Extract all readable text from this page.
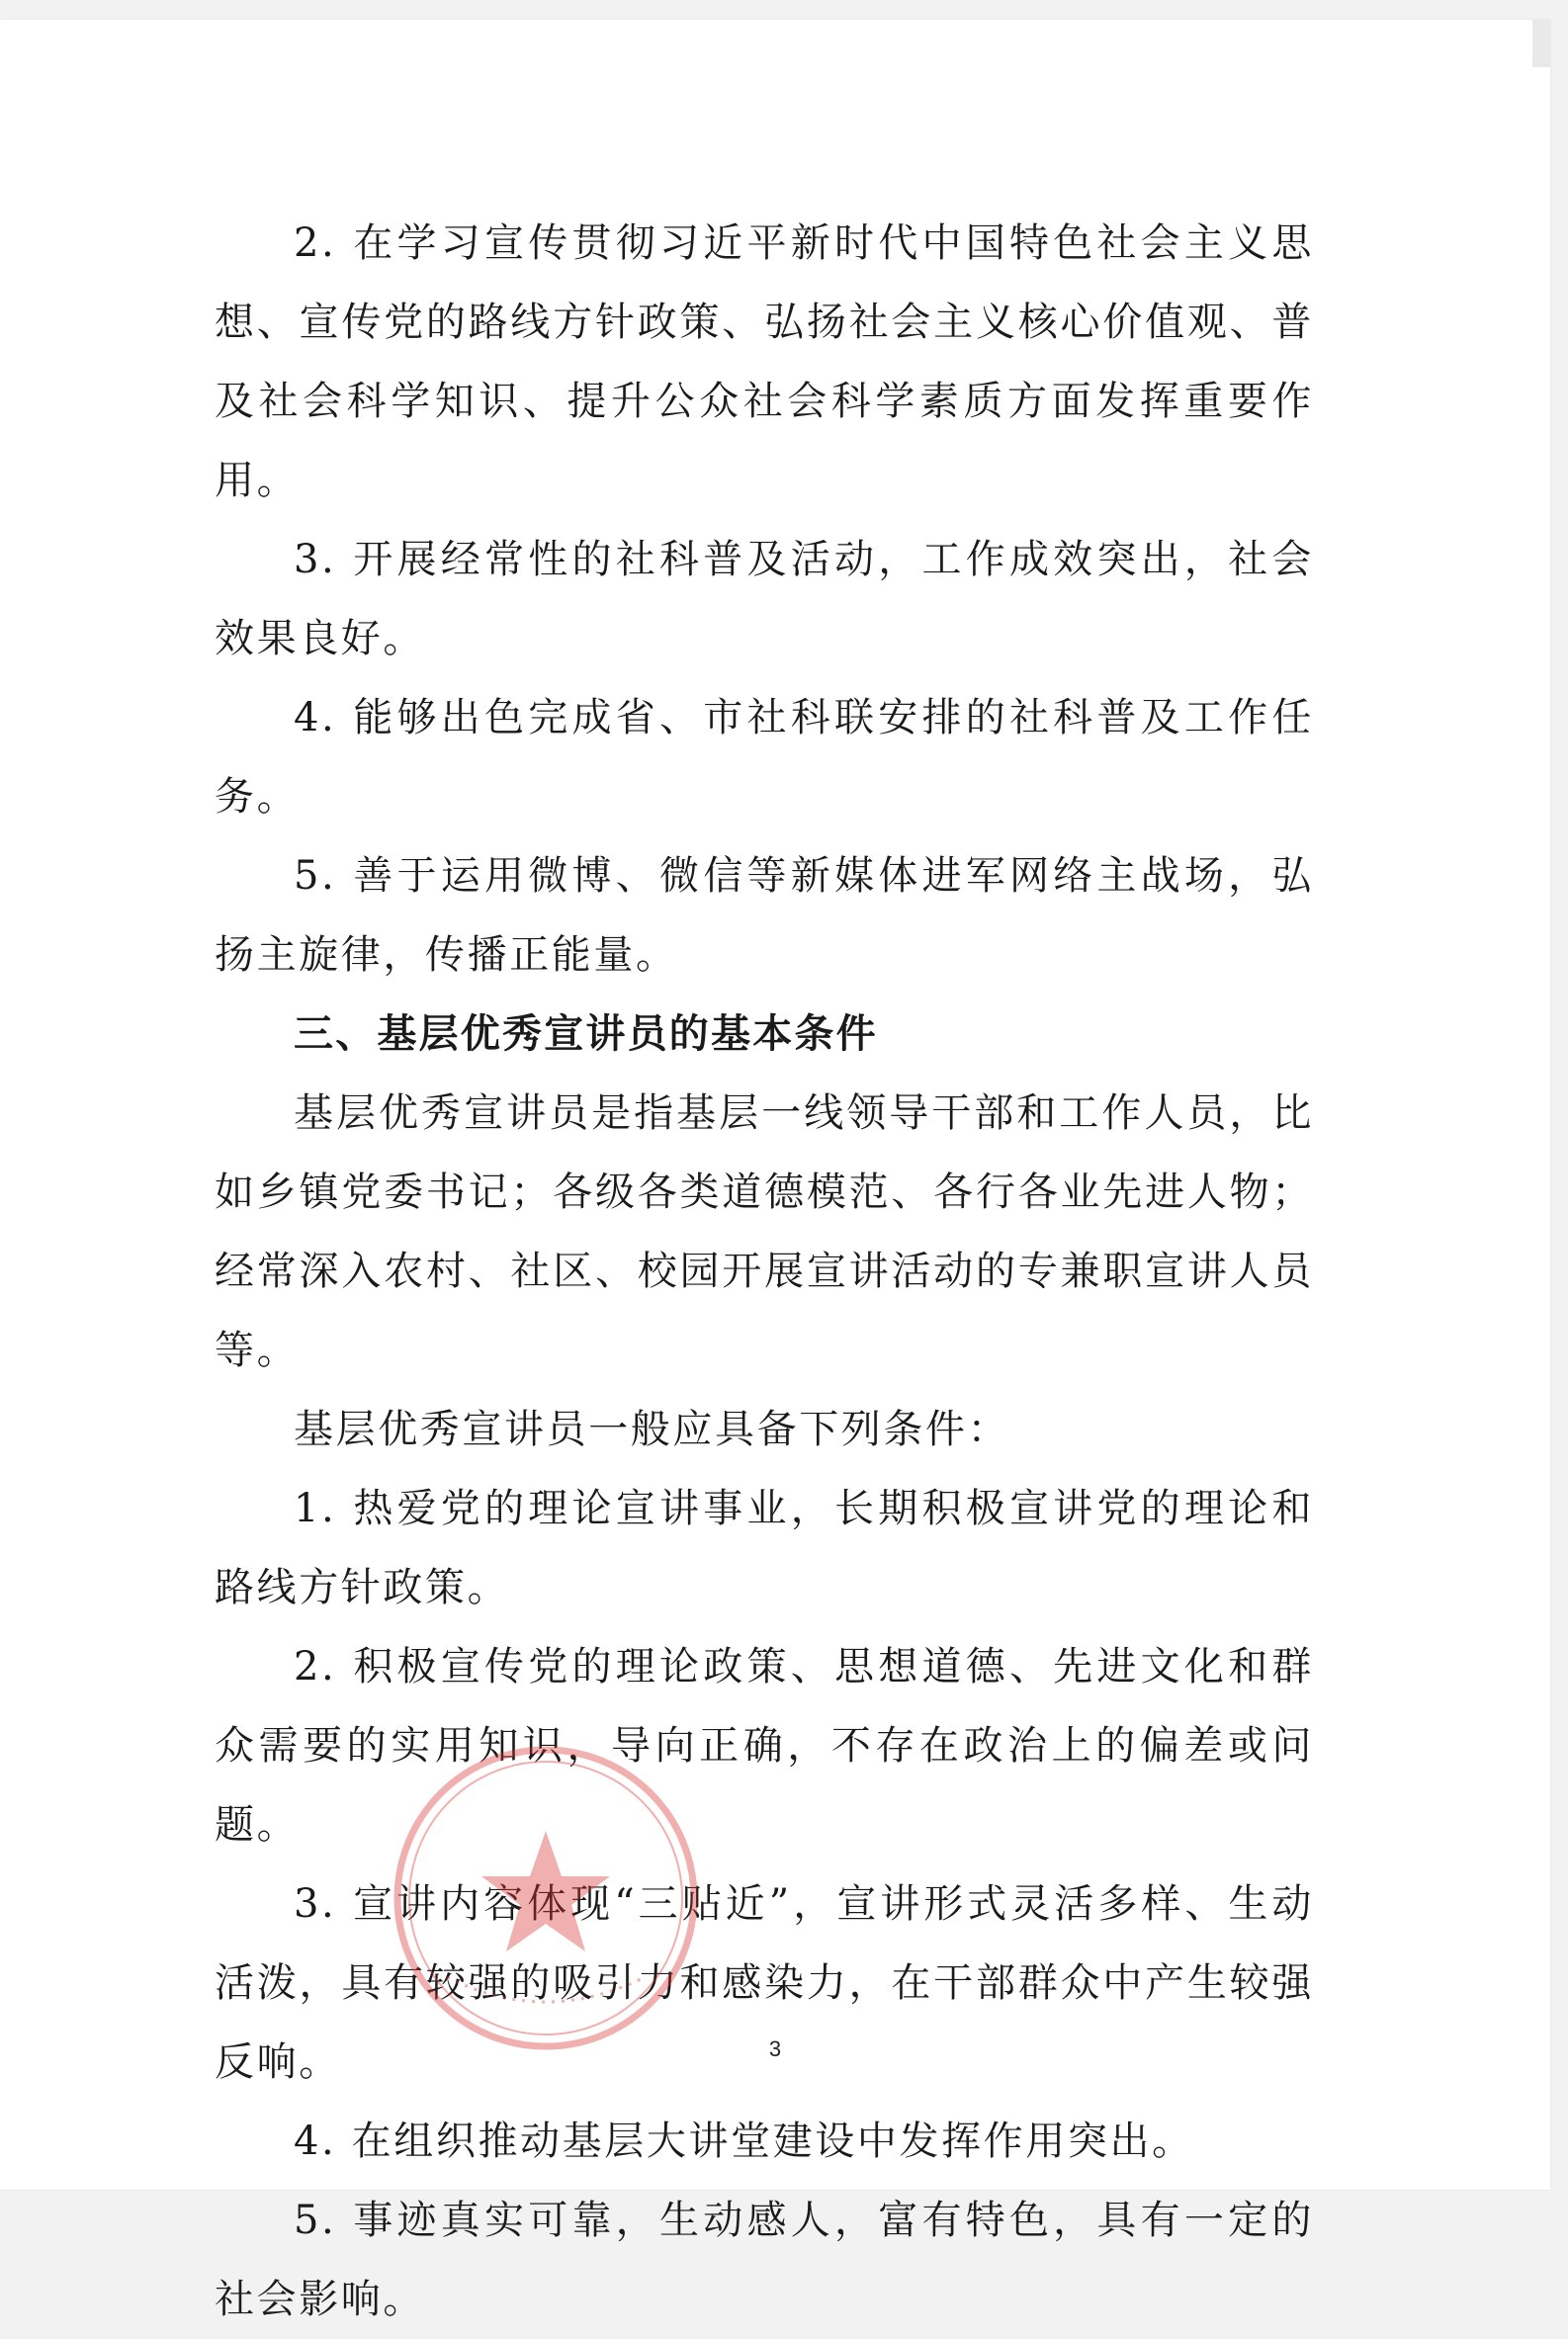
2. 在学习宣传贯彻习近平新时代中国特色社会主义思想、宣传党的路线方针政策、弘扬社会主义核心价值观、普及社会科学知识、提升公众社会科学素质方面发挥重要作用。

3. 开展经常性的社科普及活动，工作成效突出，社会效果良好。

4. 能够出色完成省、市社科联安排的社科普及工作任务。

5. 善于运用微博、微信等新媒体进军网络主战场，弘扬主旋律，传播正能量。

三、基层优秀宣讲员的基本条件

基层优秀宣讲员是指基层一线领导干部和工作人员，比如乡镇党委书记；各级各类道德模范、各行各业先进人物；经常深入农村、社区、校园开展宣讲活动的专兼职宣讲人员等。

基层优秀宣讲员一般应具备下列条件：

1. 热爱党的理论宣讲事业，长期积极宣讲党的理论和路线方针政策。

2. 积极宣传党的理论政策、思想道德、先进文化和群众需要的实用知识，导向正确，不存在政治上的偏差或问题。

3. 宣讲内容体现“三贴近”，宣讲形式灵活多样、生动活泼，具有较强的吸引力和感染力，在干部群众中产生较强反响。

4. 在组织推动基层大讲堂建设中发挥作用突出。

5. 事迹真实可靠，生动感人，富有特色，具有一定的社会影响。

3
